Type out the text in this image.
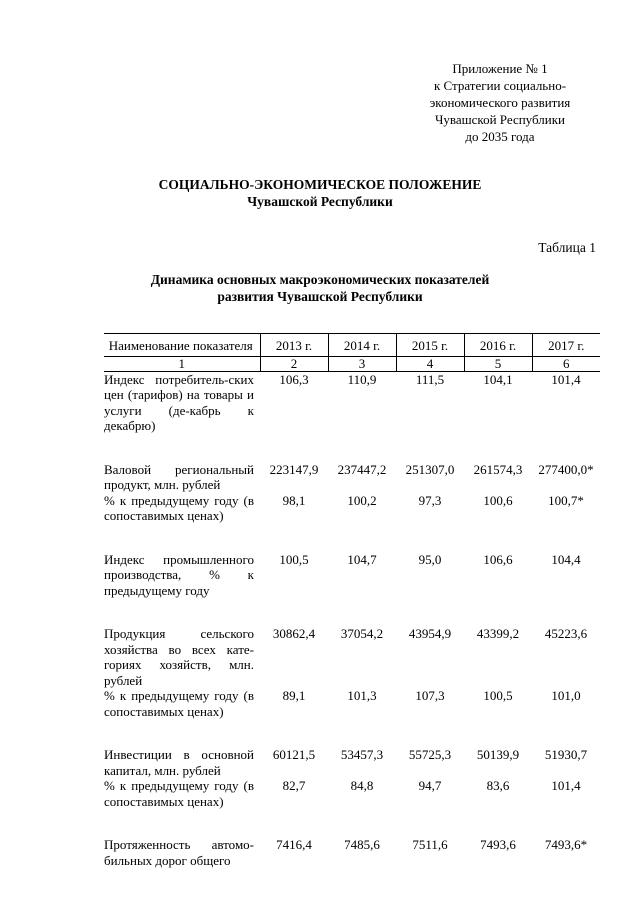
Приложение № 1
к Стратегии социально-
экономического развития
Чувашской Республики
до 2035 года
СОЦИАЛЬНО-ЭКОНОМИЧЕСКОЕ ПОЛОЖЕНИЕ
Чувашской Республики
Таблица 1
Динамика основных макроэкономических показателей
развития Чувашской Республики
Наименование показателя	2013 г.	2014 г.	2015 г.	2016 г.	2017 г.
1	2	3	4	5	6
Индекс потребитель-ских цен (тарифов) на товары и услуги (де-кабрь к декабрю)	106,3	110,9	111,5	104,1	101,4
Валовой региональный продукт, млн. рублей	223147,9	237447,2	251307,0	261574,3	277400,0*
% к предыдущему году (в сопоставимых ценах)	98,1	100,2	97,3	100,6	100,7*
Индекс промышленного производства, % к предыдущему году	100,5	104,7	95,0	106,6	104,4
Продукция сельского хозяйства во всех кате-гориях хозяйств, млн. рублей	30862,4	37054,2	43954,9	43399,2	45223,6
% к предыдущему году (в сопоставимых ценах)	89,1	101,3	107,3	100,5	101,0
Инвестиции в основной капитал, млн. рублей	60121,5	53457,3	55725,3	50139,9	51930,7
% к предыдущему году (в сопоставимых ценах)	82,7	84,8	94,7	83,6	101,4
Протяженность автомо-бильных дорог общего	7416,4	7485,6	7511,6	7493,6	7493,6*
